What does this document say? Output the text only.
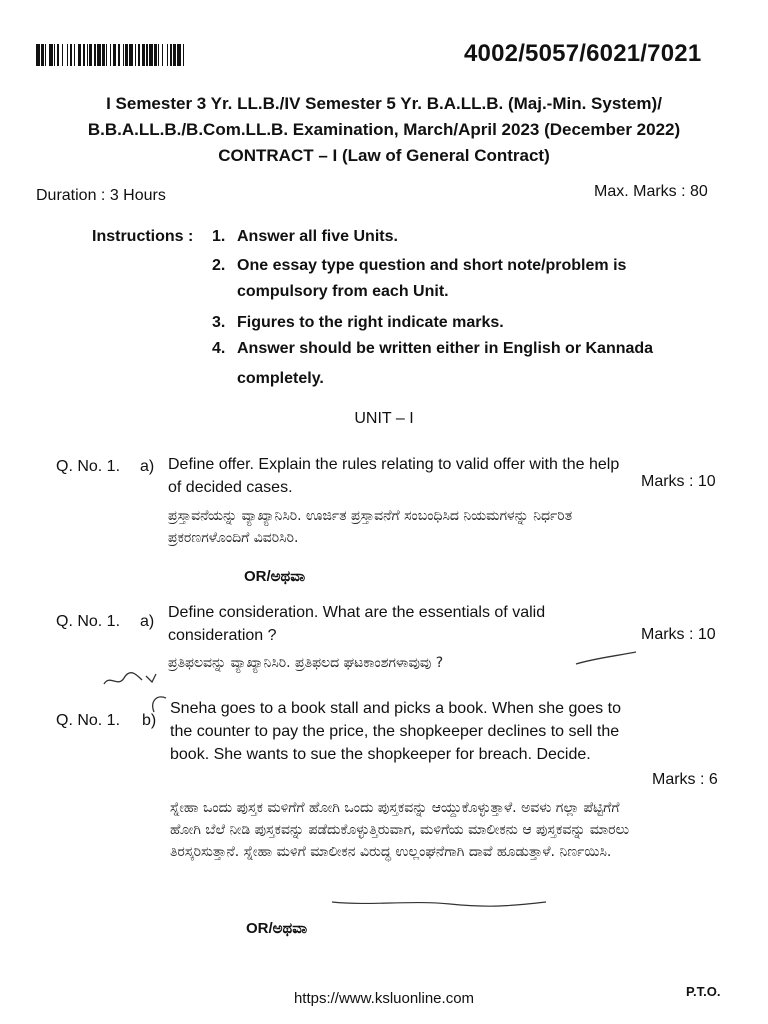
4002/5057/6021/7021
I Semester 3 Yr. LL.B./IV Semester 5 Yr. B.A.LL.B. (Maj.-Min. System)/
B.B.A.LL.B./B.Com.LL.B. Examination, March/April 2023 (December 2022)
CONTRACT – I (Law of General Contract)
Duration : 3 Hours	Max. Marks : 80
Instructions : 1. Answer all five Units.
2. One essay type question and short note/problem is
compulsory from each Unit.
3. Figures to the right indicate marks.
4. Answer should be written either in English or Kannada
completely.
UNIT – I
Q. No. 1. a) Define offer. Explain the rules relating to valid offer with the help of decided cases.
ಪ್ರಸ್ತಾವನೆಯನ್ನು ವ್ಯಾಖ್ಯಾನಿಸಿರಿ. ಊರ್ಜಿತ ಪ್ರಸ್ತಾವನೆಗೆ ಸಂಬಂಧಿಸಿದ ನಿಯಮಗಳನ್ನು ನಿರ್ಧರಿತ ಪ್ರಕರಣಗಳೊಂದಿಗೆ ವಿವರಿಸಿರಿ.
Marks : 10
OR/ಅಥವಾ
Q. No. 1. a)
Define consideration. What are the essentials of valid consideration ?
ಪ್ರತಿಫಲವನ್ನು ವ್ಯಾಖ್ಯಾನಿಸಿರಿ. ಪ್ರತಿಫಲದ ಘಟಕಾಂಶಗಳಾವುವು ?
Marks : 10
Q. No. 1. b)
Sneha goes to a book stall and picks a book. When she goes to the counter to pay the price, the shopkeeper declines to sell the book. She wants to sue the shopkeeper for breach. Decide.
ಸ್ನೇಹಾ ಒಂದು ಪುಸ್ತಕ ಮಳಿಗೆಗೆ ಹೋಗಿ ಒಂದು ಪುಸ್ತಕವನ್ನು ಆಯ್ದುಕೊಳ್ಳುತ್ತಾಳೆ. ಅವಳು ಗಲ್ಲಾ ಪೆಟ್ಟಿಗೆಗೆ ಹೋಗಿ ಬೆಲೆ ನೀಡಿ ಪುಸ್ತಕವನ್ನು ಪಡೆದುಕೊಳ್ಳುತ್ತಿರುವಾಗ, ಮಳಿಗೆಯ ಮಾಲೀಕನು ಆ ಪುಸ್ತಕವನ್ನು ಮಾರಲು ತಿರಸ್ಕರಿಸುತ್ತಾನೆ. ಸ್ನೇಹಾ ಮಳಿಗೆ ಮಾಲೀಕನ ವಿರುದ್ಧ ಉಲ್ಲಂಘನೆಗಾಗಿ ದಾವೆ ಹೂಡುತ್ತಾಳೆ. ನಿರ್ಣಯಿಸಿ.
Marks : 6
OR/ಅಥವಾ
P.T.O.
https://www.ksluonline.com
